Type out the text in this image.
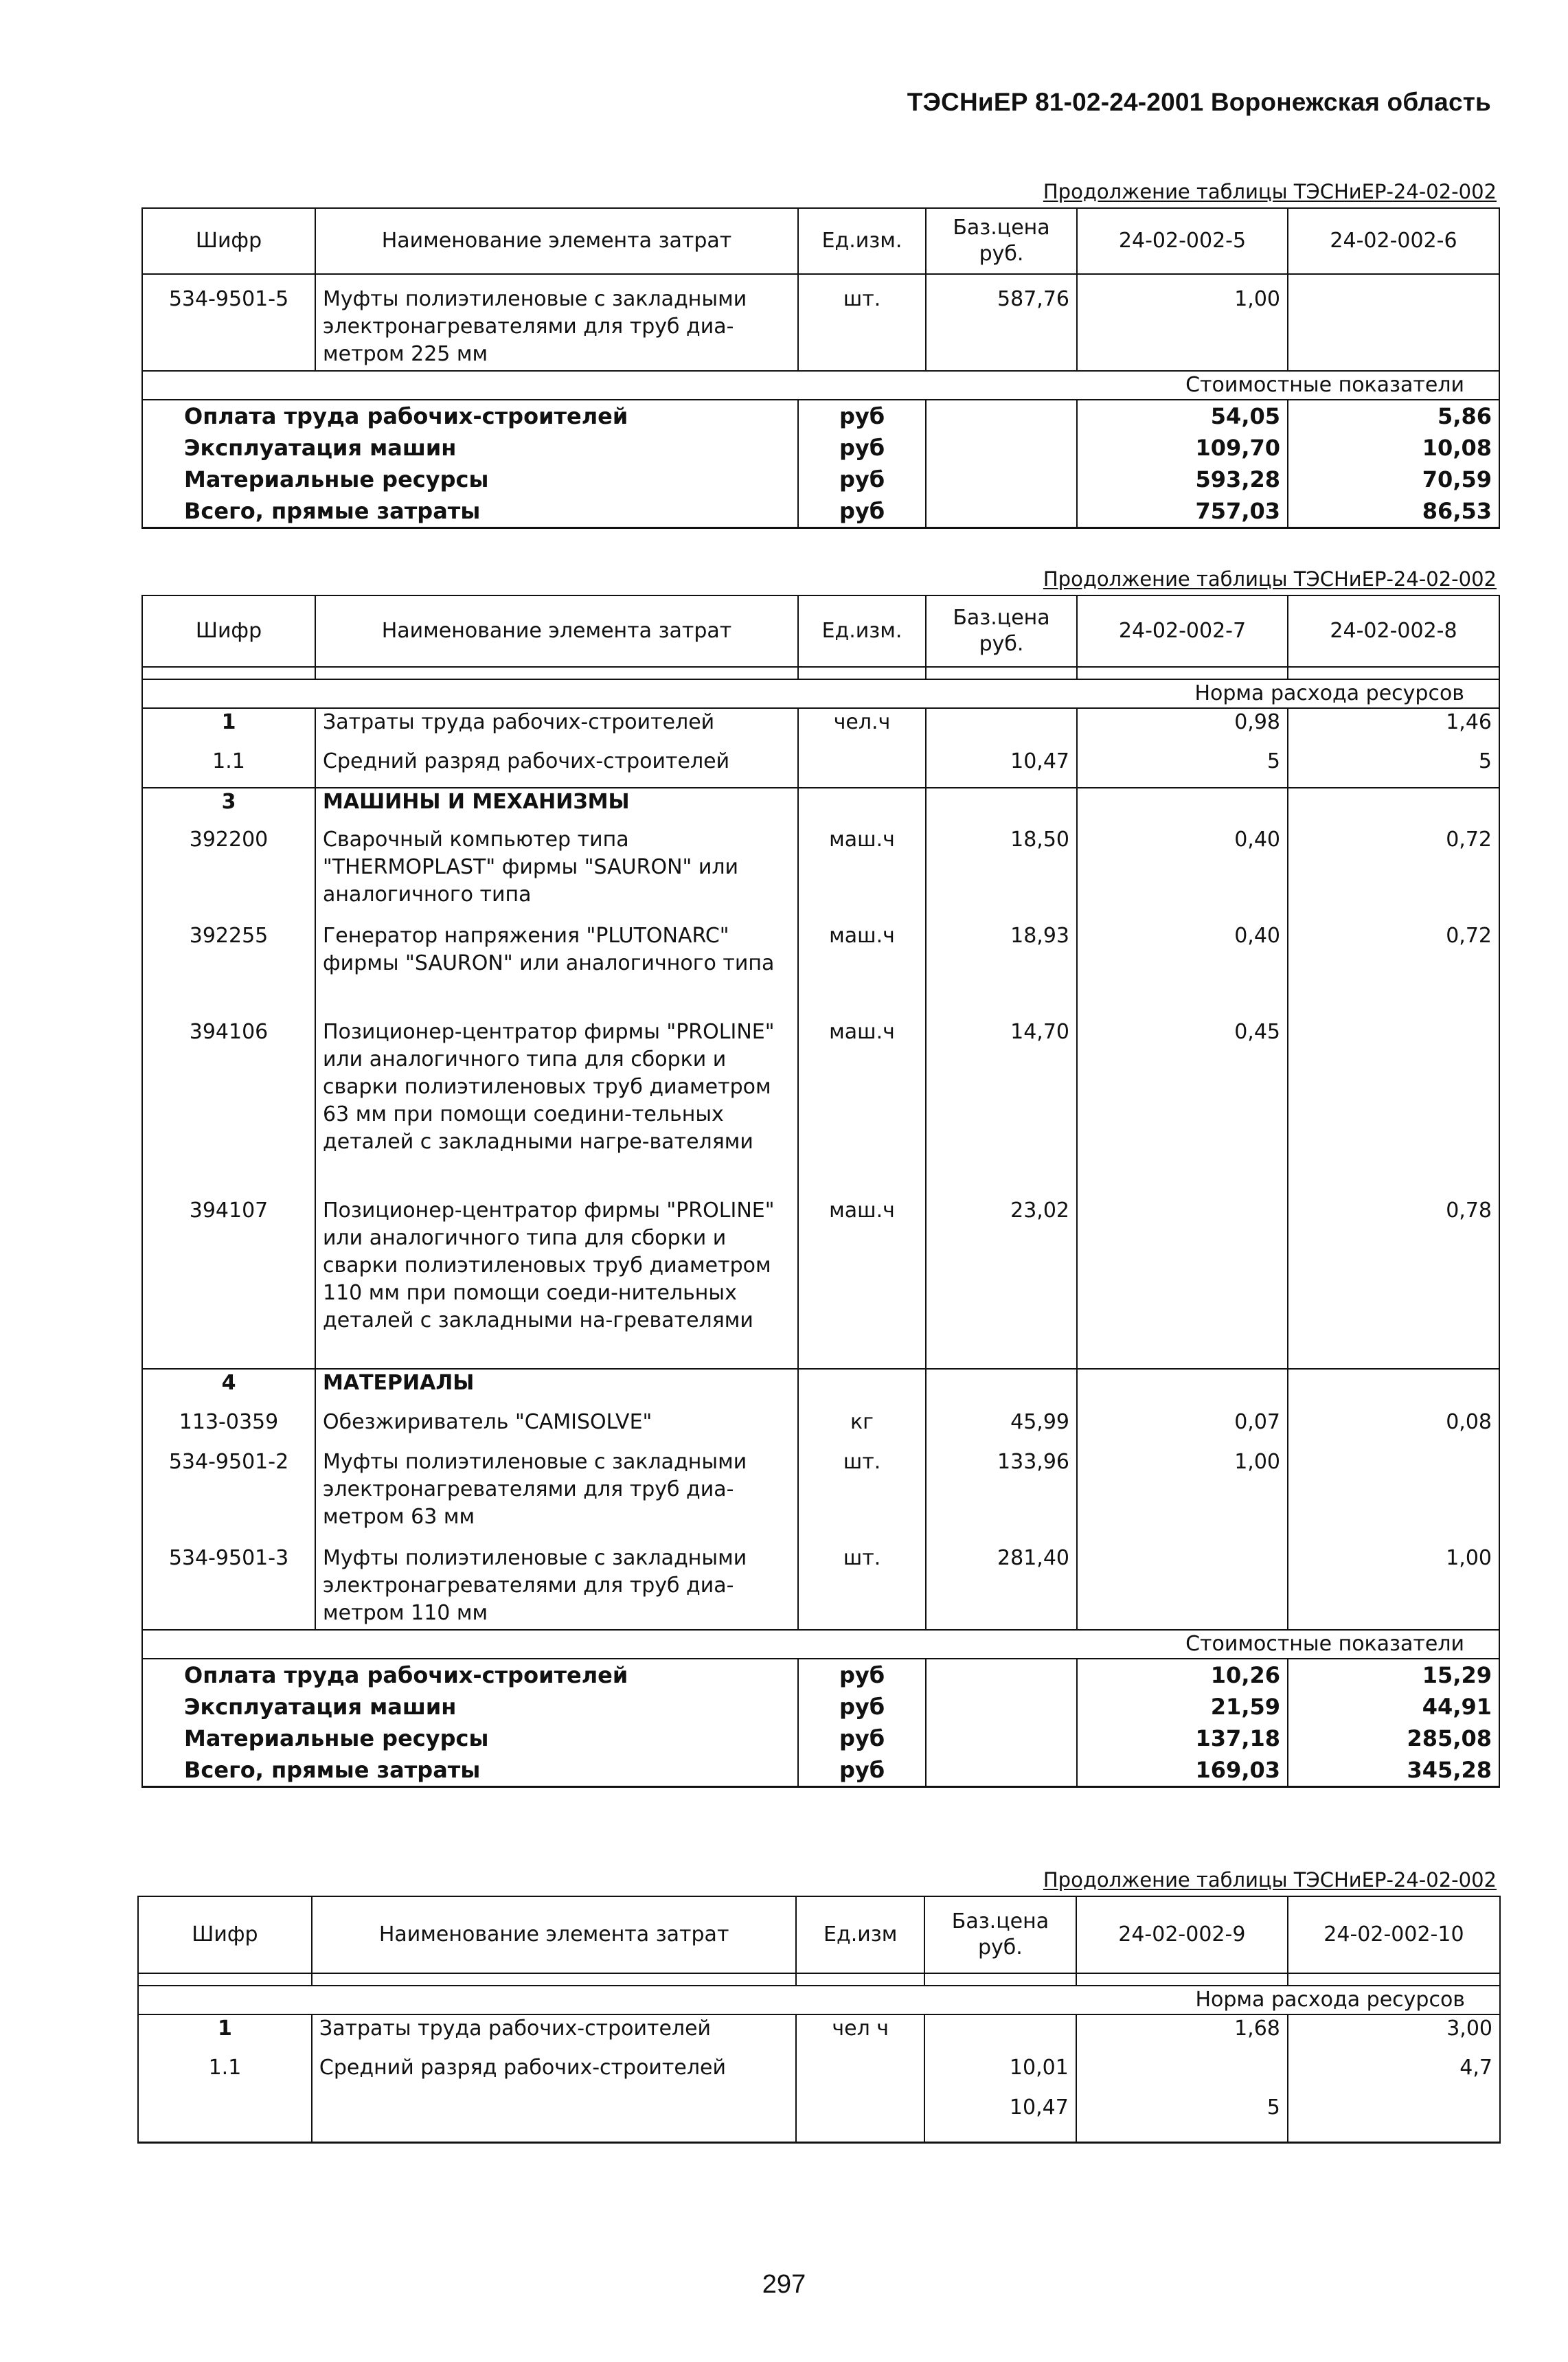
ТЭСНиЕР 81-02-24-2001 Воронежская область
Продолжение таблицы ТЭСНиЕР-24-02-002
Шифр	Наименование элемента затрат	Ед.изм.	Баз.цена руб.	24-02-002-5	24-02-002-6

534-9501-5	Муфты полиэтиленовые с закладными электронагревателями для труб диа-метром 225 мм	шт.	587,76	1,00	
Стоимостные показатели					
Оплата труда рабочих-строителей		руб		54,05	5,86
Эксплуатация машин		руб		109,70	10,08
Материальные ресурсы		руб		593,28	70,59
Всего, прямые затраты		руб		757,03	86,53
Продолжение таблицы ТЭСНиЕР-24-02-002
Шифр	Наименование элемента затрат	Ед.изм.	Баз.цена руб.	24-02-002-7	24-02-002-8

Норма расхода ресурсов					
1	Затраты труда рабочих-строителей	чел.ч		0,98	1,46
1.1	Средний разряд рабочих-строителей		10,47	5	5
3	МАШИНЫ И МЕХАНИЗМЫ				
392200	Сварочный компьютер типа "THERMOPLAST" фирмы "SAURON" или аналогичного типа	маш.ч	18,50	0,40	0,72
392255	Генератор напряжения "PLUTONARC" фирмы "SAURON" или аналогичного типа	маш.ч	18,93	0,40	0,72
394106	Позиционер-центратор фирмы "PROLINE" или аналогичного типа для сборки и сварки полиэтиленовых труб диаметром 63 мм при помощи соедини-тельных деталей с закладными нагре-вателями	маш.ч	14,70	0,45	
394107	Позиционер-центратор фирмы "PROLINE" или аналогичного типа для сборки и сварки полиэтиленовых труб диаметром 110 мм при помощи соеди-нительных деталей с закладными на-гревателями	маш.ч	23,02		0,78
4	МАТЕРИАЛЫ				
113-0359	Обезжириватель "CAMISOLVE"	кг	45,99	0,07	0,08
534-9501-2	Муфты полиэтиленовые с закладными электронагревателями для труб диа-метром 63 мм	шт.	133,96	1,00	
534-9501-3	Муфты полиэтиленовые с закладными электронагревателями для труб диа-метром 110 мм	шт.	281,40		1,00
Стоимостные показатели					
Оплата труда рабочих-строителей		руб		10,26	15,29
Эксплуатация машин		руб		21,59	44,91
Материальные ресурсы		руб		137,18	285,08
Всего, прямые затраты		руб		169,03	345,28
Продолжение таблицы ТЭСНиЕР-24-02-002
Шифр	Наименование элемента затрат	Ед.изм	Баз.цена руб.	24-02-002-9	24-02-002-10

Норма расхода ресурсов					
1	Затраты труда рабочих-строителей	чел ч		1,68	3,00
1.1	Средний разряд рабочих-строителей		10,01		4,7
			10,47	5	
297
